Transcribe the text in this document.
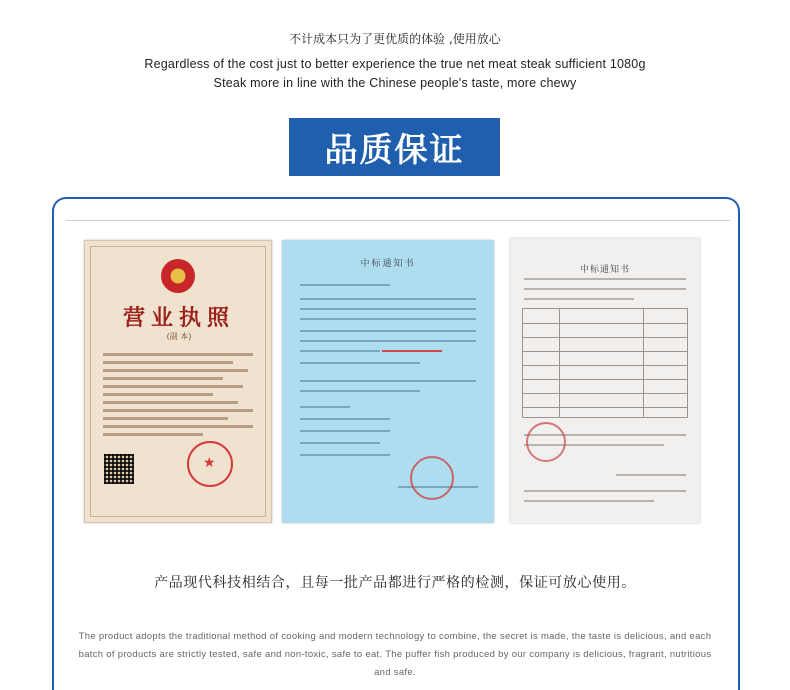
不计成本只为了更优质的体验 ,使用放心
Regardless of the cost just to better experience the true net meat steak sufficient 1080g
Steak more in line with the Chinese people's taste, more chewy
品质保证
营业执照
(副 本)
★
中标通知书
中标通知书
产品现代科技相结合，且每一批产品都进行严格的检测，保证可放心使用。
The product adopts the traditional method of cooking and modern technology to combine, the secret is made, the taste is delicious, and each batch of products are strictly tested, safe and non-toxic, safe to eat. The puffer fish produced by our company is delicious, fragrant, nutritious and safe.
